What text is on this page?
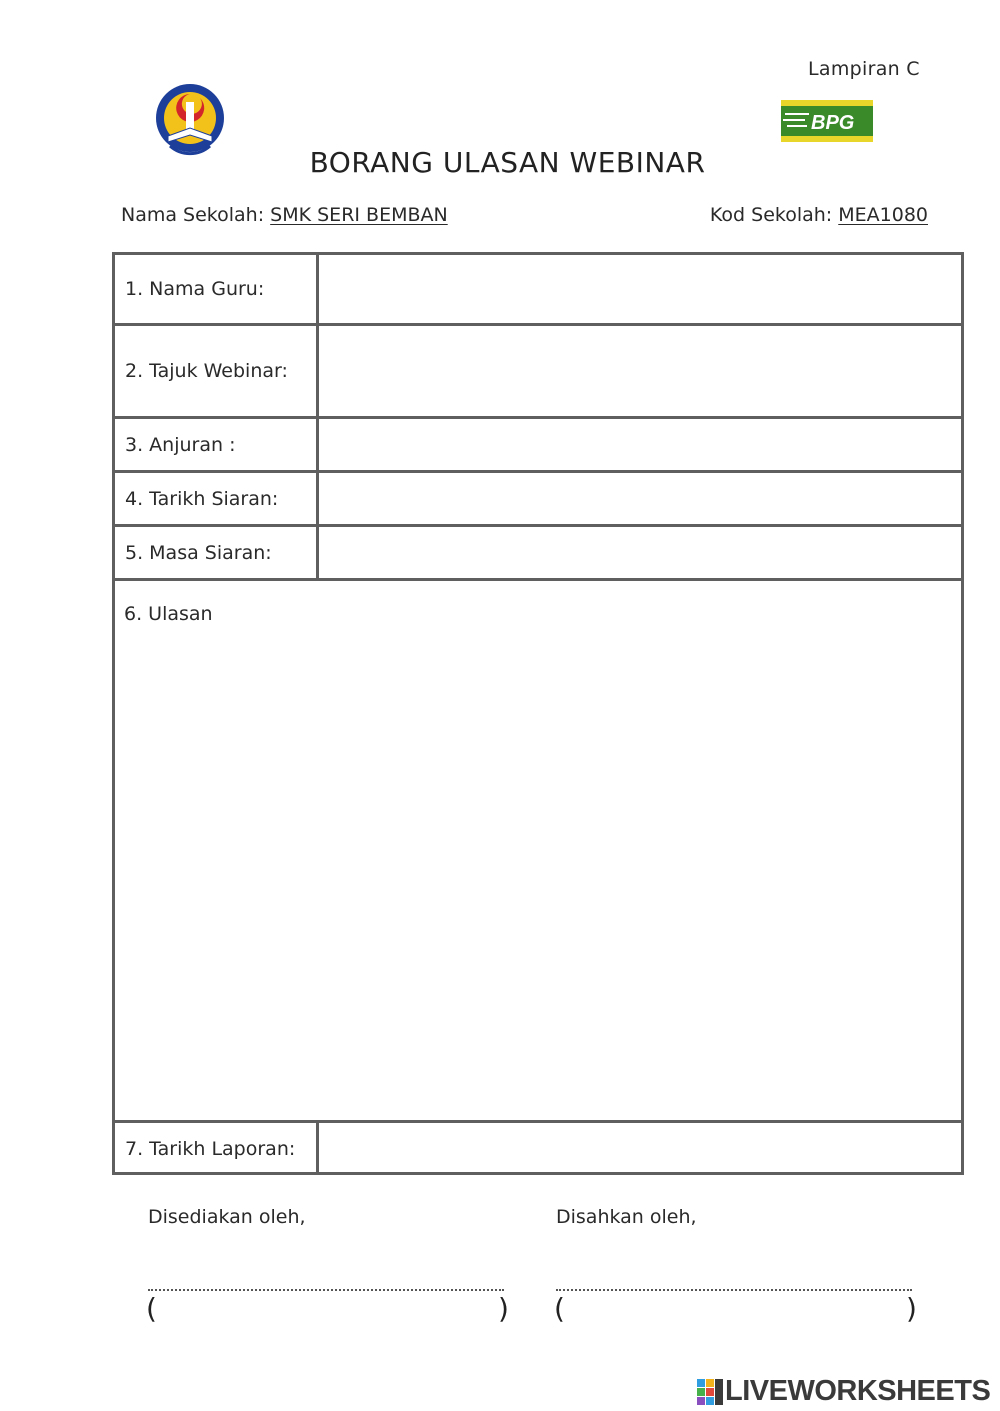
Lampiran C
BPG
BORANG ULASAN WEBINAR
Nama Sekolah: SMK SERI BEMBAN	Kod Sekolah: MEA1080
1. Nama Guru:
2. Tajuk Webinar:
3. Anjuran :
4. Tarikh Siaran:
5. Masa Siaran:
6. Ulasan
7. Tarikh Laporan:
Disediakan oleh,	Disahkan oleh,
(	) (	)
LIVEWORKSHEETS
